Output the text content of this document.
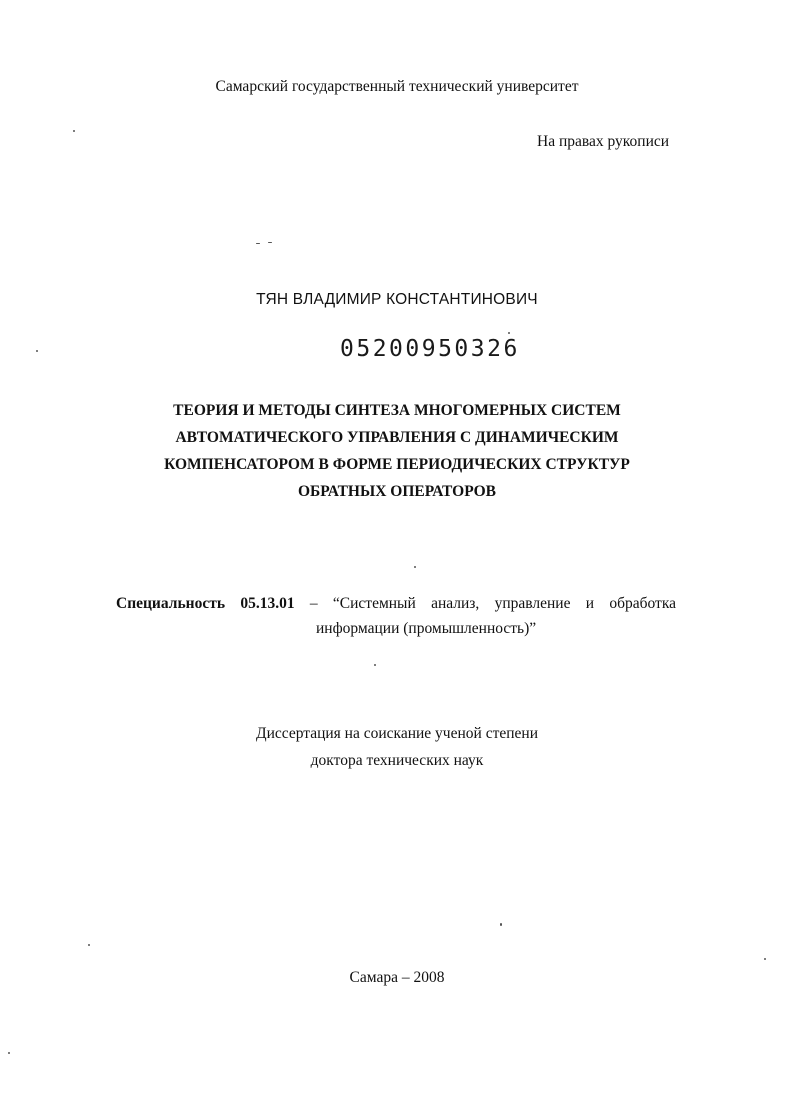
Самарский государственный технический университет
На правах рукописи
ТЯН ВЛАДИМИР КОНСТАНТИНОВИЧ
05200950326
ТЕОРИЯ И МЕТОДЫ СИНТЕЗА МНОГОМЕРНЫХ СИСТЕМ
АВТОМАТИЧЕСКОГО УПРАВЛЕНИЯ С ДИНАМИЧЕСКИМ
КОМПЕНСАТОРОМ В ФОРМЕ ПЕРИОДИЧЕСКИХ СТРУКТУР
ОБРАТНЫХ ОПЕРАТОРОВ
Специальность 05.13.01 – “Системный анализ, управление и обработка
информации (промышленность)”
Диссертация на соискание ученой степени
доктора технических наук
Самара – 2008
